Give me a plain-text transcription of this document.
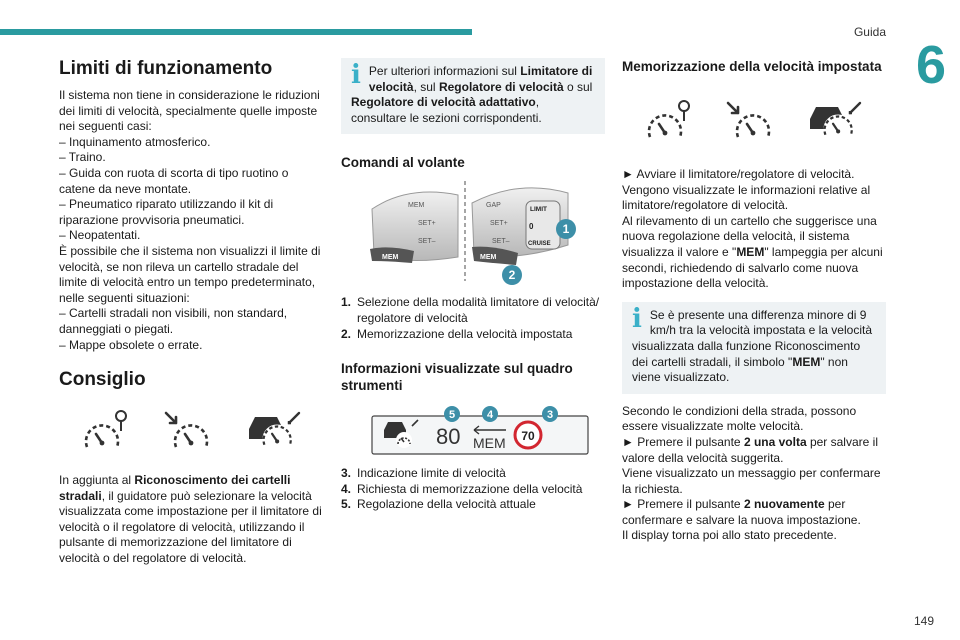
Guida
6
149
Limiti di funzionamento

Il sistema non tiene in considerazione le riduzioni dei limiti di velocità, specialmente quelle imposte nei seguenti casi:

– Inquinamento atmosferico.

– Traino.

– Guida con ruota di scorta di tipo ruotino o catene da neve montate.

– Pneumatico riparato utilizzando il kit di riparazione provvisoria pneumatici.

– Neopatentati.

È possibile che il sistema non visualizzi il limite di velocità, se non rileva un cartello stradale del limite di velocità entro un tempo predeterminato, nelle seguenti situazioni:

– Cartelli stradali non visibili, non standard, danneggiati o piegati.

– Mappe obsolete o errate.

Consiglio

In aggiunta al Riconoscimento dei cartelli stradali, il guidatore può selezionare la velocità visualizzata come impostazione per il limitatore di velocità o il regolatore di velocità, utilizzando il pulsante di memorizzazione del limitatore di velocità o del regolatore di velocità.

i Per ulteriori informazioni sul Limitatore di velocità, sul Regolatore di velocità o sul Regolatore di velocità adattativo, consultare le sezioni corrispondenti.

Comandi al volante
MEM
SET+
SET–
MEM
GAP
SET+
SET–
LIMIT
0
CRUISE
MEM
1
2
1. Selezione della modalità limitatore di velocità/ regolatore di velocità
2. Memorizzazione della velocità impostata
Informazioni visualizzate sul quadro strumenti
80 MEM 70
5	4	3
3. Indicazione limite di velocità
4. Richiesta di memorizzazione della velocità
5. Regolazione della velocità attuale
Memorizzazione della velocità impostata

► Avviare il limitatore/regolatore di velocità. Vengono visualizzate le informazioni relative al limitatore/regolatore di velocità.

Al rilevamento di un cartello che suggerisce una nuova regolazione della velocità, il sistema visualizza il valore e "MEM" lampeggia per alcuni secondi, richiedendo di salvarlo come nuova impostazione della velocità.

i Se è presente una differenza minore di 9 km/h tra la velocità impostata e la velocità visualizzata dalla funzione Riconoscimento dei cartelli stradali, il simbolo "MEM" non viene visualizzato.

Secondo le condizioni della strada, possono essere visualizzate molte velocità.

► Premere il pulsante 2 una volta per salvare il valore della velocità suggerita.

Viene visualizzato un messaggio per confermare la richiesta.

► Premere il pulsante 2 nuovamente per confermare e salvare la nuova impostazione.

Il display torna poi allo stato precedente.
